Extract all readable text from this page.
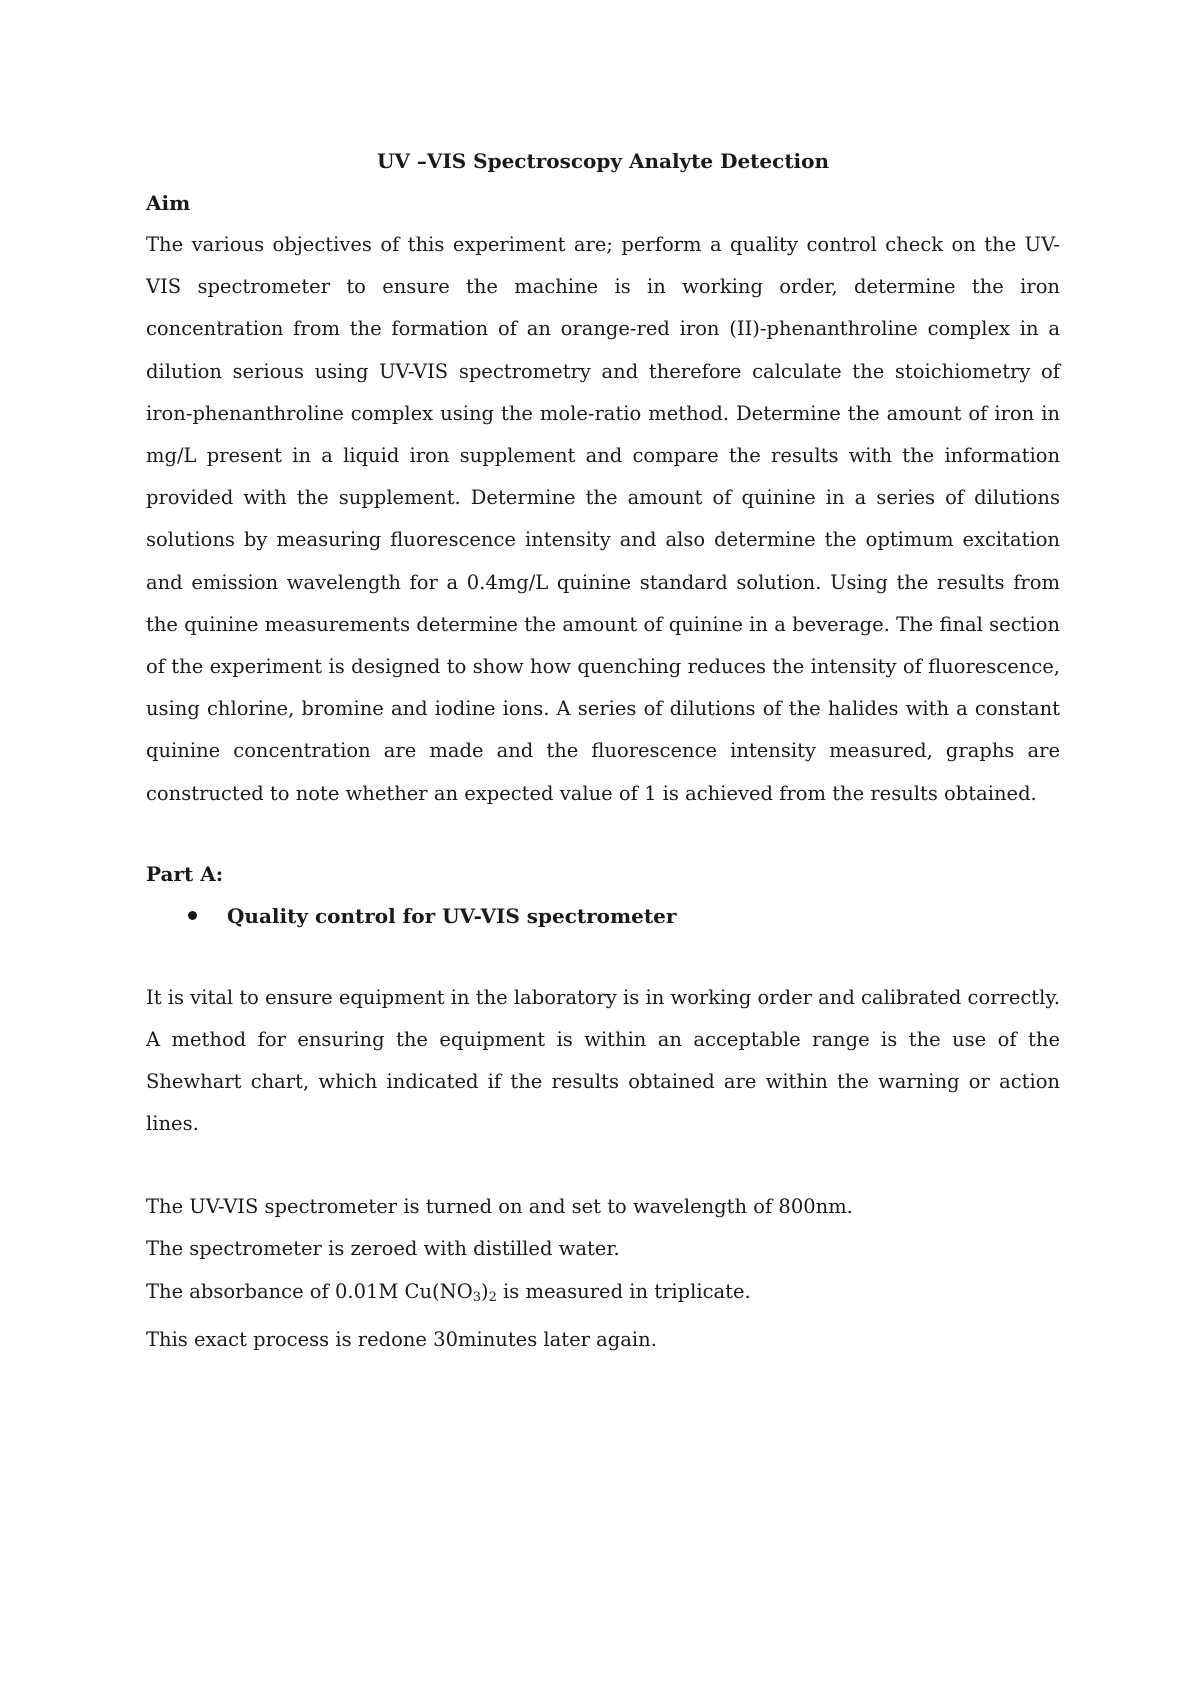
UV –VIS Spectroscopy Analyte Detection
Aim

The various objectives of this experiment are; perform a quality control check on the UV-VIS spectrometer to ensure the machine is in working order, determine the iron concentration from the formation of an orange-red iron (II)-phenanthroline complex in a dilution serious using UV-VIS spectrometry and therefore calculate the stoichiometry of iron-phenanthroline complex using the mole-ratio method. Determine the amount of iron in mg/L present in a liquid iron supplement and compare the results with the information provided with the supplement. Determine the amount of quinine in a series of dilutions solutions by measuring fluorescence intensity and also determine the optimum excitation and emission wavelength for a 0.4mg/L quinine standard solution. Using the results from the quinine measurements determine the amount of quinine in a beverage. The final section of the experiment is designed to show how quenching reduces the intensity of fluorescence, using chlorine, bromine and iodine ions. A series of dilutions of the halides with a constant quinine concentration are made and the fluorescence intensity measured, graphs are constructed to note whether an expected value of 1 is achieved from the results obtained.

Part A:
Quality control for UV-VIS spectrometer

It is vital to ensure equipment in the laboratory is in working order and calibrated correctly. A method for ensuring the equipment is within an acceptable range is the use of the Shewhart chart, which indicated if the results obtained are within the warning or action lines.

The UV-VIS spectrometer is turned on and set to wavelength of 800nm.

The spectrometer is zeroed with distilled water.

The absorbance of 0.01M $Cu(NO_3)_2$ is measured in triplicate.

This exact process is redone 30minutes later again.
